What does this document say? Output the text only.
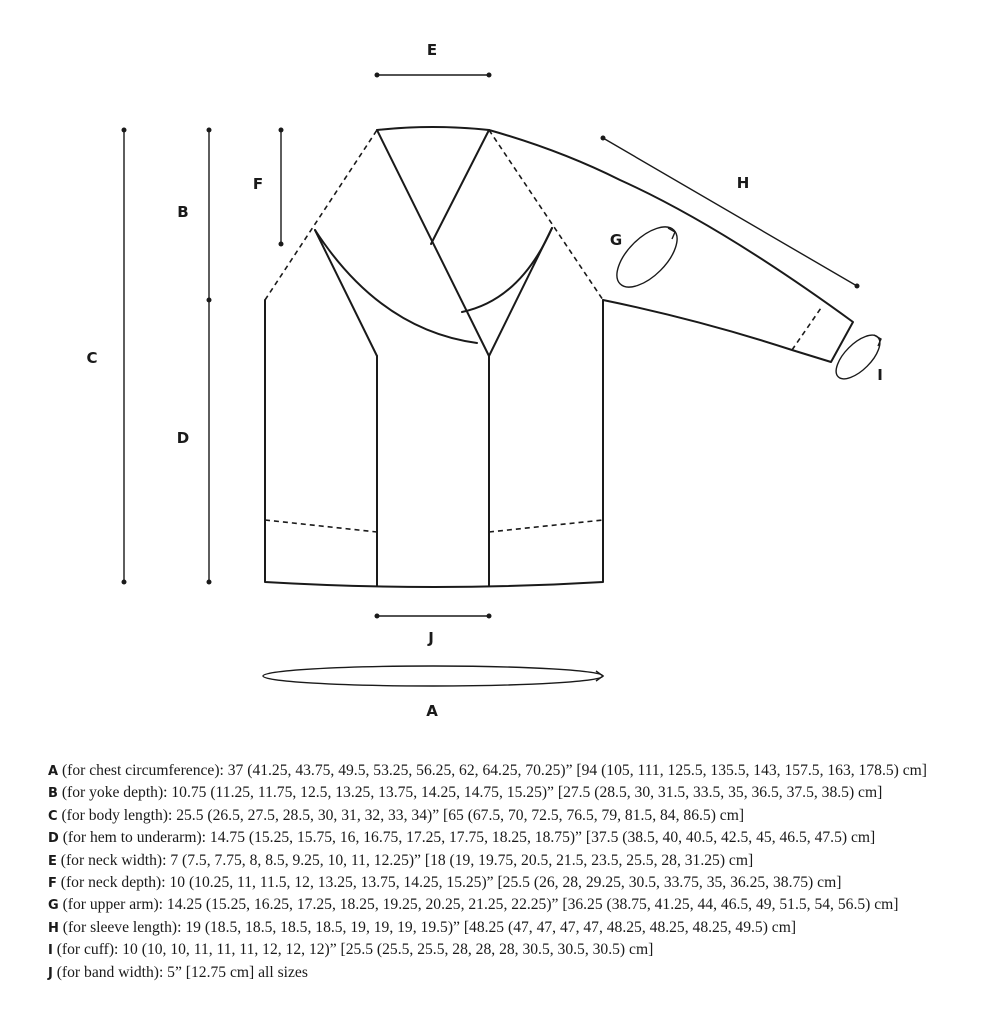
E
F
B
C
D
H
G
I
J
A
A (for chest circumference): 37 (41.25, 43.75, 49.5, 53.25, 56.25, 62, 64.25, 70.25)” [94 (105, 111, 125.5, 135.5, 143, 157.5, 163, 178.5) cm]
B (for yoke depth): 10.75 (11.25, 11.75, 12.5, 13.25, 13.75, 14.25, 14.75, 15.25)” [27.5 (28.5, 30, 31.5, 33.5, 35, 36.5, 37.5, 38.5) cm]
C (for body length): 25.5 (26.5, 27.5, 28.5, 30, 31, 32, 33, 34)” [65 (67.5, 70, 72.5, 76.5, 79, 81.5, 84, 86.5) cm]
D (for hem to underarm): 14.75 (15.25, 15.75, 16, 16.75, 17.25, 17.75, 18.25, 18.75)” [37.5 (38.5, 40, 40.5, 42.5, 45, 46.5, 47.5) cm]
E (for neck width): 7 (7.5, 7.75, 8, 8.5, 9.25, 10, 11, 12.25)” [18 (19, 19.75, 20.5, 21.5, 23.5, 25.5, 28, 31.25) cm]
F (for neck depth): 10 (10.25, 11, 11.5, 12, 13.25, 13.75, 14.25, 15.25)” [25.5 (26, 28, 29.25, 30.5, 33.75, 35, 36.25, 38.75) cm]
G (for upper arm): 14.25 (15.25, 16.25, 17.25, 18.25, 19.25, 20.25, 21.25, 22.25)” [36.25 (38.75, 41.25, 44, 46.5, 49, 51.5, 54, 56.5) cm]
H (for sleeve length): 19 (18.5, 18.5, 18.5, 18.5, 19, 19, 19, 19.5)” [48.25 (47, 47, 47, 47, 48.25, 48.25, 48.25, 49.5) cm]
I (for cuff): 10 (10, 10, 11, 11, 11, 12, 12, 12)” [25.5 (25.5, 25.5, 28, 28, 28, 30.5, 30.5, 30.5) cm]
J (for band width): 5” [12.75 cm] all sizes
